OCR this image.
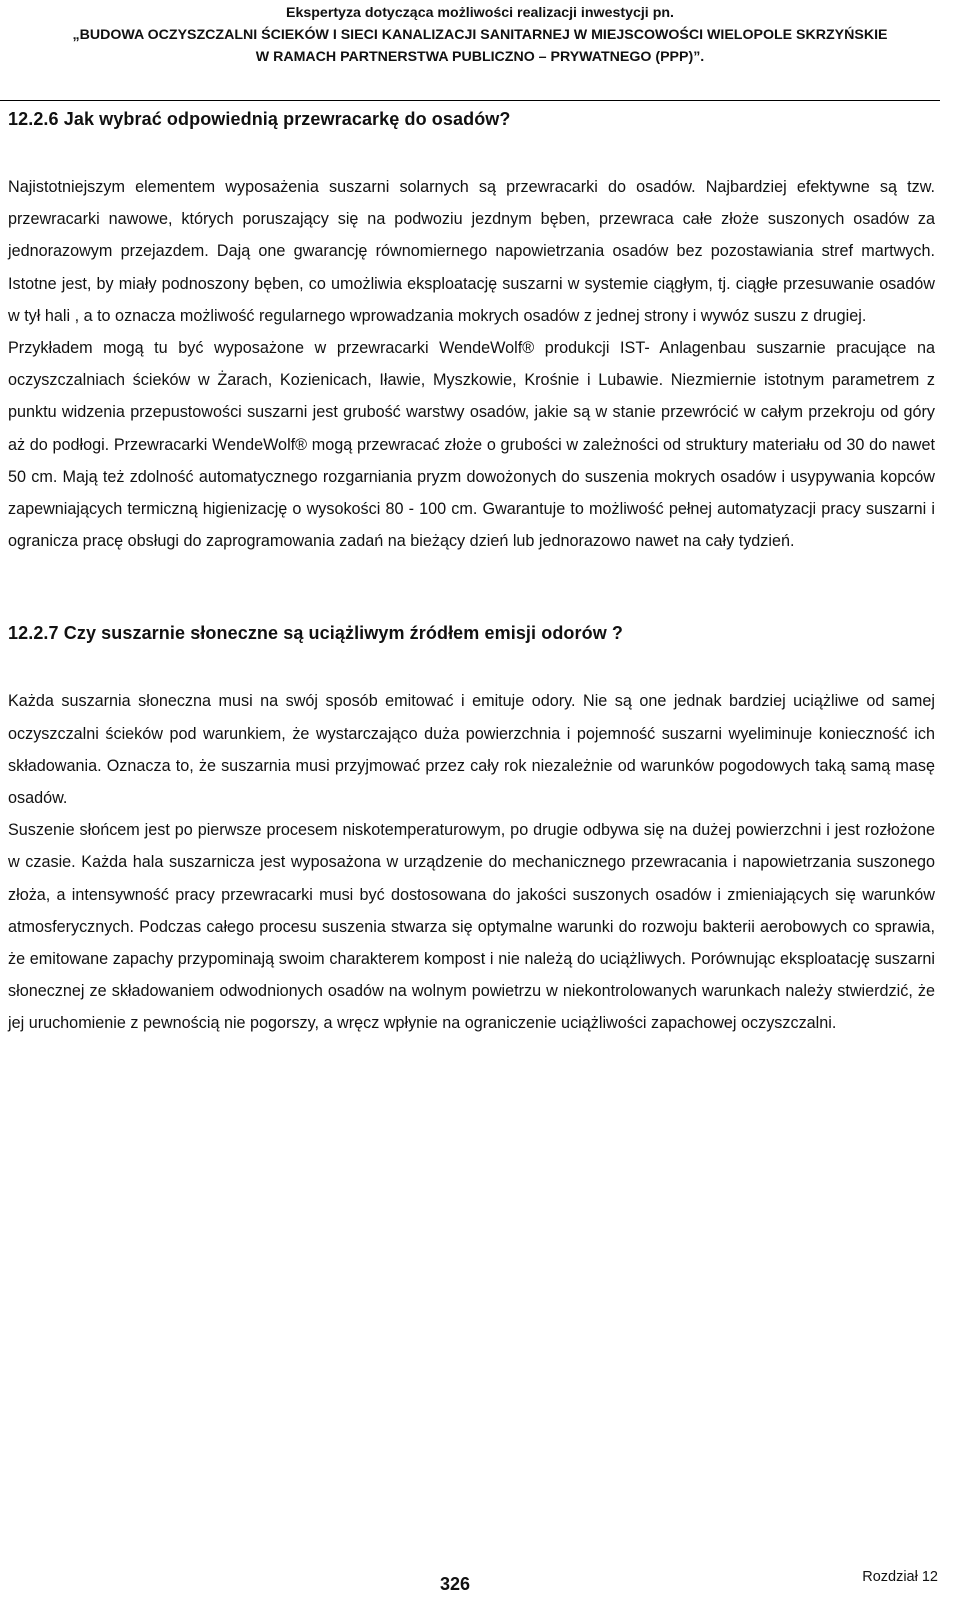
Ekspertyza dotycząca możliwości realizacji inwestycji pn.
„BUDOWA OCZYSZCZALNI ŚCIEKÓW I SIECI KANALIZACJI SANITARNEJ W MIEJSCOWOŚCI WIELOPOLE SKRZYŃSKIE
W RAMACH PARTNERSTWA PUBLICZNO – PRYWATNEGO (PPP)”.
12.2.6 Jak wybrać odpowiednią przewracarkę do osadów?

Najistotniejszym elementem wyposażenia suszarni solarnych są przewracarki do osadów. Najbardziej efektywne są tzw. przewracarki nawowe, których poruszający się na podwoziu jezdnym bęben, przewraca całe złoże suszonych osadów za jednorazowym przejazdem. Dają one gwarancję równomiernego napowietrzania osadów bez pozostawiania stref martwych. Istotne jest, by miały podnoszony bęben, co umożliwia eksploatację suszarni w systemie ciągłym, tj. ciągłe przesuwanie osadów w tył hali , a to oznacza możliwość regularnego wprowadzania mokrych osadów z jednej strony i wywóz suszu z drugiej.

Przykładem mogą tu być wyposażone w przewracarki WendeWolf® produkcji IST- Anlagenbau suszarnie pracujące na oczyszczalniach ścieków w Żarach, Kozienicach, Iławie, Myszkowie, Krośnie i Lubawie. Niezmiernie istotnym parametrem z punktu widzenia przepustowości suszarni jest grubość warstwy osadów, jakie są w stanie przewrócić w całym przekroju od góry aż do podłogi. Przewracarki WendeWolf® mogą przewracać złoże o grubości w zależności od struktury materiału od 30 do nawet 50 cm. Mają też zdolność automatycznego rozgarniania pryzm dowożonych do suszenia mokrych osadów i usypywania kopców zapewniających termiczną higienizację o wysokości 80 - 100 cm. Gwarantuje to możliwość pełnej automatyzacji pracy suszarni i ogranicza pracę obsługi do zaprogramowania zadań na bieżący dzień lub jednorazowo nawet na cały tydzień.

12.2.7 Czy suszarnie słoneczne są uciążliwym źródłem emisji odorów ?

Każda suszarnia słoneczna musi na swój sposób emitować i emituje odory. Nie są one jednak bardziej uciążliwe od samej oczyszczalni ścieków pod warunkiem, że wystarczająco duża powierzchnia i pojemność suszarni wyeliminuje konieczność ich składowania. Oznacza to, że suszarnia musi przyjmować przez cały rok niezależnie od warunków pogodowych taką samą masę osadów.

Suszenie słońcem jest po pierwsze procesem niskotemperaturowym, po drugie odbywa się na dużej powierzchni i jest rozłożone w czasie. Każda hala suszarnicza jest wyposażona w urządzenie do mechanicznego przewracania i napowietrzania suszonego złoża, a intensywność pracy przewracarki musi być dostosowana do jakości suszonych osadów i zmieniających się warunków atmosferycznych. Podczas całego procesu suszenia stwarza się optymalne warunki do rozwoju bakterii aerobowych co sprawia, że emitowane zapachy przypominają swoim charakterem kompost i nie należą do uciążliwych. Porównując eksploatację suszarni słonecznej ze składowaniem odwodnionych osadów na wolnym powietrzu w niekontrolowanych warunkach należy stwierdzić, że jej uruchomienie z pewnością nie pogorszy, a wręcz wpłynie na ograniczenie uciążliwości zapachowej oczyszczalni.

Rozdział 12
326
